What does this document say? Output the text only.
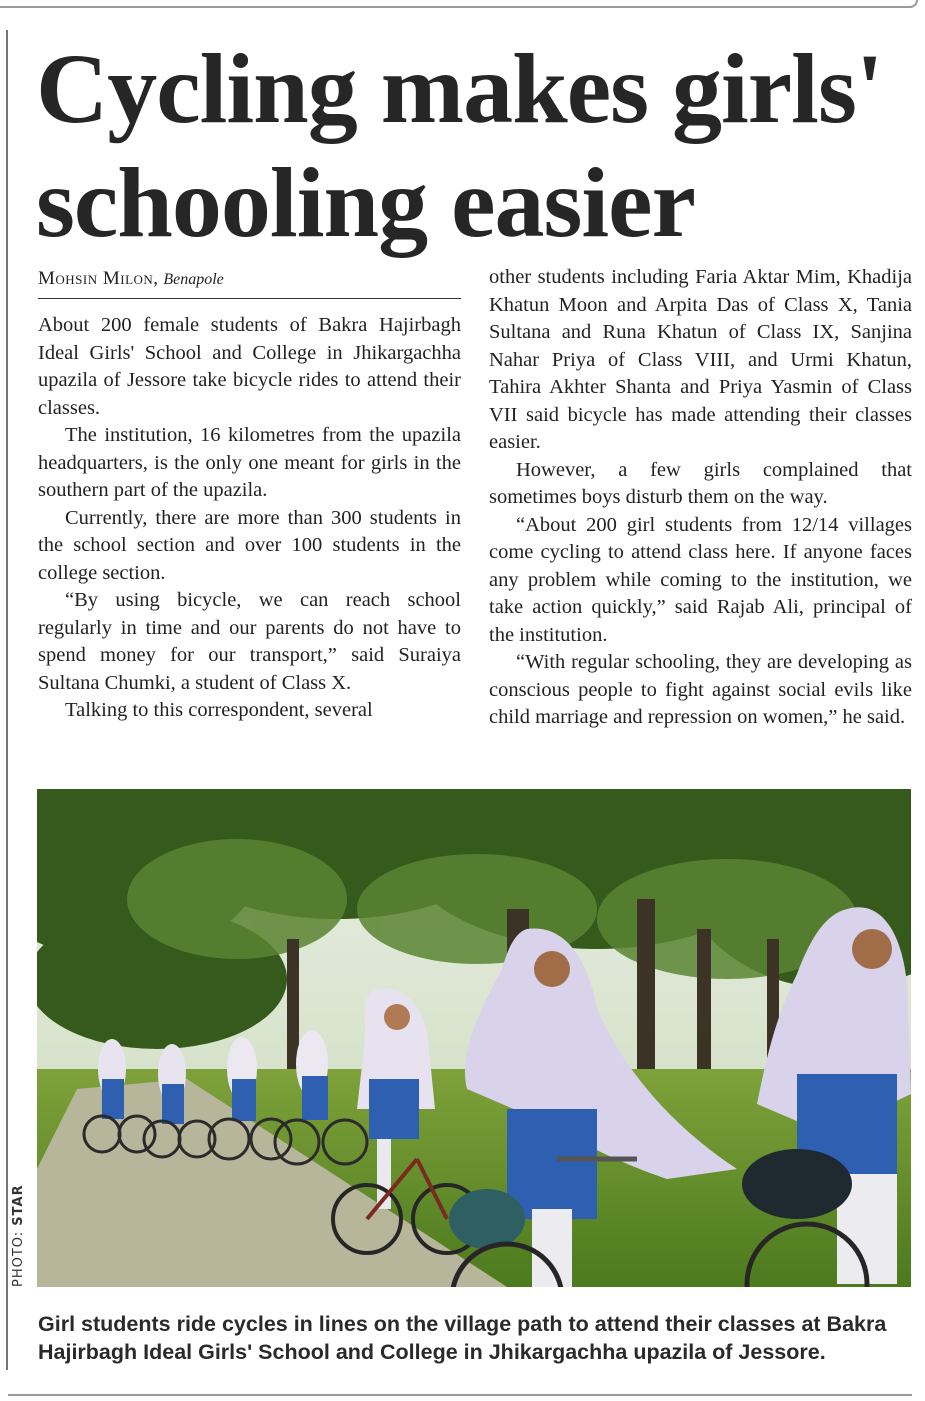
Cycling makes girls'
schooling easier
Mohsin Milon, Benapole

About 200 female students of Bakra Hajirbagh Ideal Girls' School and College in Jhikargachha upazila of Jessore take bicycle rides to attend their classes.

The institution, 16 kilometres from the upazila headquarters, is the only one meant for girls in the southern part of the upazila.

Currently, there are more than 300 students in the school section and over 100 students in the college section.

“By using bicycle, we can reach school regularly in time and our parents do not have to spend money for our transport,” said Suraiya Sultana Chumki, a student of Class X.

Talking to this correspondent, several

other students including Faria Aktar Mim, Khadija Khatun Moon and Arpita Das of Class X, Tania Sultana and Runa Khatun of Class IX, Sanjina Nahar Priya of Class VIII, and Urmi Khatun, Tahira Akhter Shanta and Priya Yasmin of Class VII said bicycle has made attending their classes easier.

However, a few girls complained that sometimes boys disturb them on the way.

“About 200 girl students from 12/14 villages come cycling to attend class here. If anyone faces any problem while coming to the institution, we take action quickly,” said Rajab Ali, principal of the institution.

“With regular schooling, they are developing as conscious people to fight against social evils like child marriage and repression on women,” he said.

PHOTO: STAR
Girl students ride cycles in lines on the village path to attend their classes at Bakra Hajirbagh Ideal Girls' School and College in Jhikargachha upazila of Jessore.
